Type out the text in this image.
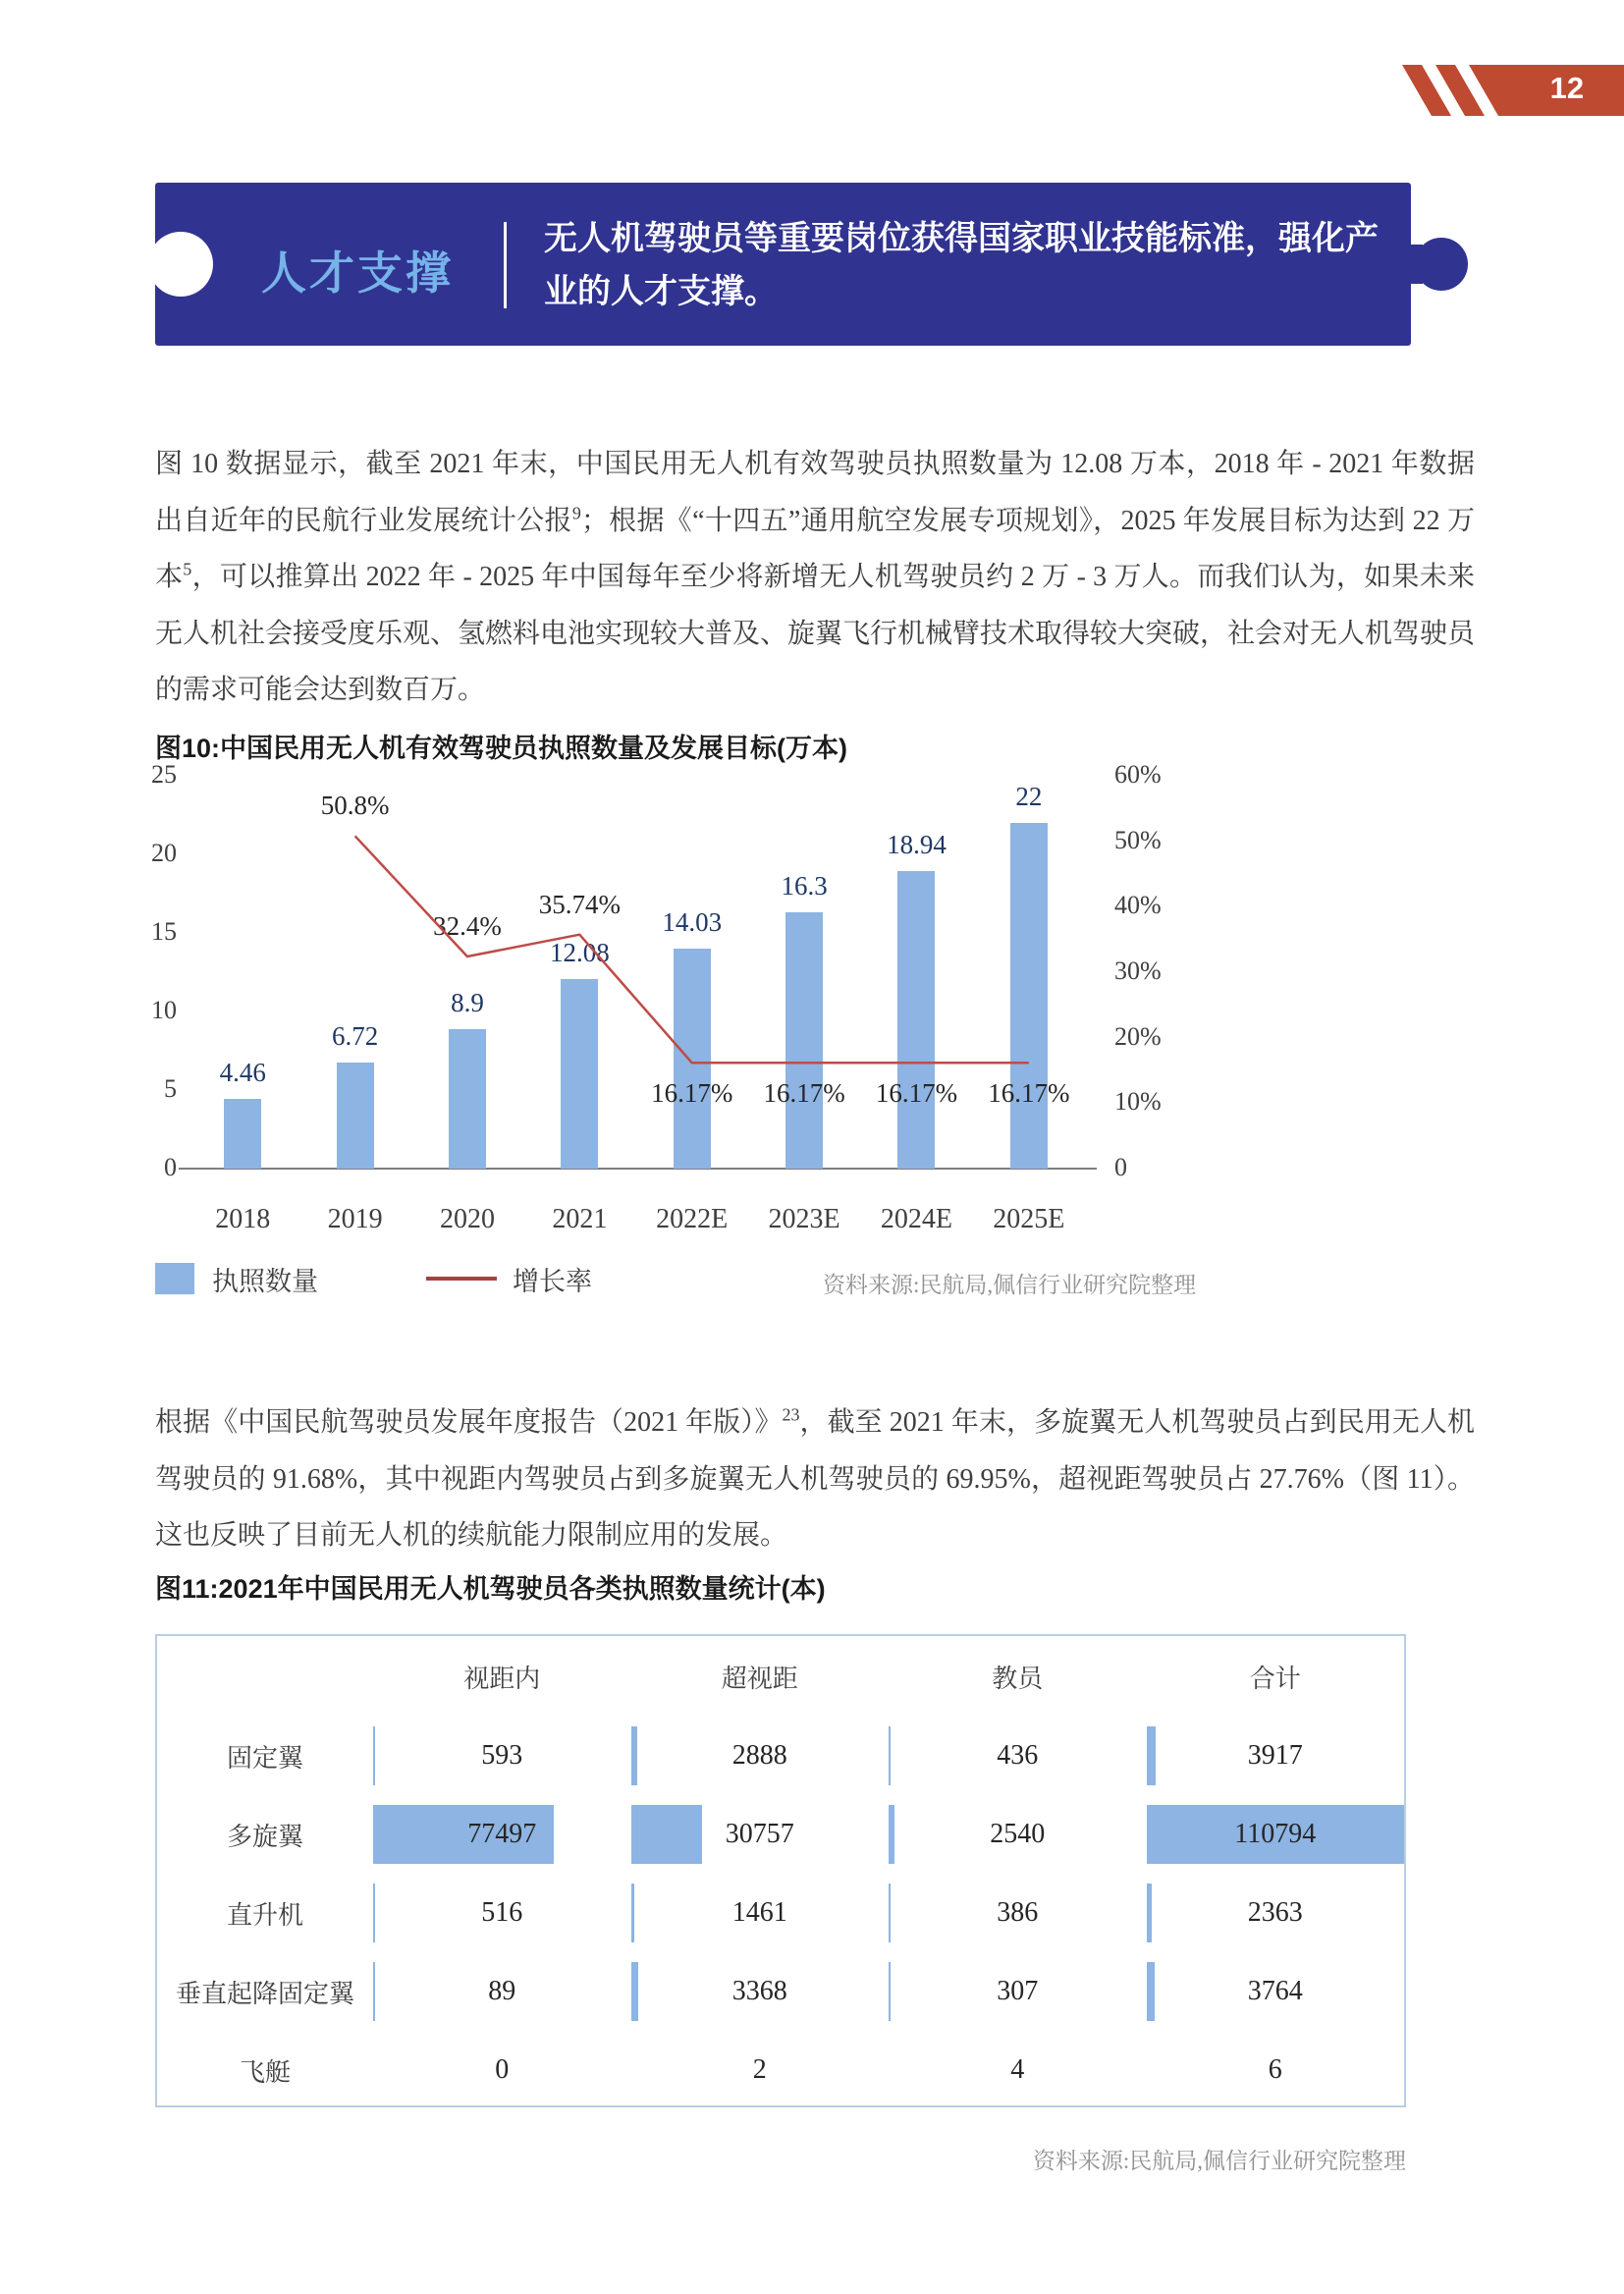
12
人才支撑
无人机驾驶员等重要岗位获得国家职业技能标准，强化产业的人才支撑。

图 10 数据显示，截至 2021 年末，中国民用无人机有效驾驶员执照数量为 12.08 万本，2018 年 - 2021 年数据出自近年的民航行业发展统计公报$^9$；根据《“十四五”通用航空发展专项规划》，2025 年发展目标为达到 22 万本$^5$，可以推算出 2022 年 - 2025 年中国每年至少将新增无人机驾驶员约 2 万 - 3 万人。而我们认为，如果未来无人机社会接受度乐观、氢燃料电池实现较大普及、旋翼飞行机械臂技术取得较大突破，社会对无人机驾驶员的需求可能会达到数百万。

图10:中国民用无人机有效驾驶员执照数量及发展目标(万本)
25
20
15
10
5
0
60%
50%
40%
30%
20%
10%
0
4.46
2018
6.72
2019
50.8%
8.9
2020
32.4%
12.08
2021
35.74%
14.03
2022E
16.17%
16.3
2023E
16.17%
18.94
2024E
16.17%
22
2025E
16.17%
执照数量	增长率	资料来源:民航局,佩信行业研究院整理

根据《中国民航驾驶员发展年度报告（2021 年版）》$^{23}$，截至 2021 年末，多旋翼无人机驾驶员占到民用无人机驾驶员的 91.68%，其中视距内驾驶员占到多旋翼无人机驾驶员的 69.95%，超视距驾驶员占 27.76%（图 11）。这也反映了目前无人机的续航能力限制应用的发展。

图11:2021年中国民用无人机驾驶员各类执照数量统计(本)
视距内	超视距	教员	合计
固定翼	593	2888	436	3917
多旋翼	77497	30757	2540	110794
直升机	516	1461	386	2363
垂直起降固定翼	89	3368	307	3764
飞艇	0	2	4	6
资料来源:民航局,佩信行业研究院整理
